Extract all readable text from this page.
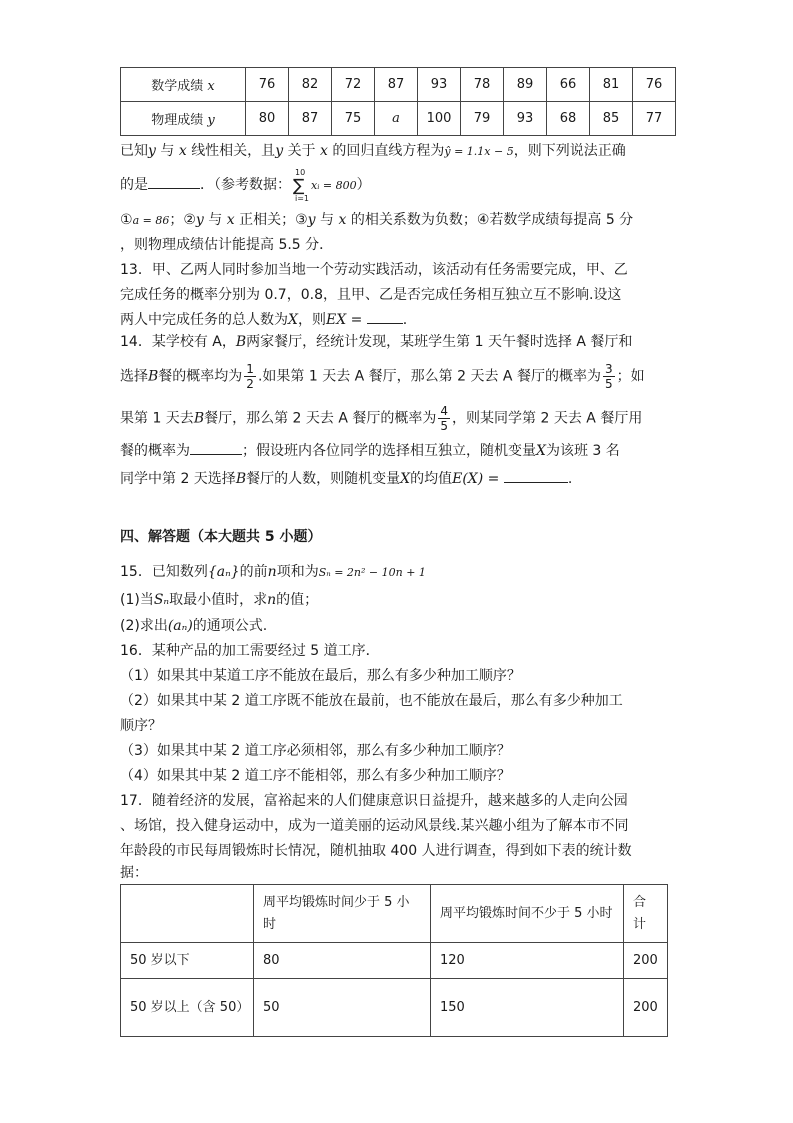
数学成绩 x	76	82	72	87	93	78	89	66	81	76
物理成绩 y	80	87	75	a	100	79	93	68	85	77
已知y 与 x 线性相关，且y 关于 x 的回归直线方程为ŷ = 1.1x − 5，则下列说法正确
的是	．（参考数据：
10
∑
i=1
xᵢ = 800）
①a = 86；②y 与 x 正相关；③y 与 x 的相关系数为负数；④若数学成绩每提高 5 分
，则物理成绩估计能提高 5.5 分．
13．甲、乙两人同时参加当地一个劳动实践活动，该活动有任务需要完成，甲、乙
完成任务的概率分别为 0.7，0.8，且甲、乙是否完成任务相互独立互不影响.设这
两人中完成任务的总人数为X，则EX =	.
14．某学校有 A，B两家餐厅，经统计发现，某班学生第 1 天午餐时选择 A 餐厅和
选择B餐的概率均为 $\frac{1}{2}$ .如果第 1 天去 A 餐厅，那么第 2 天去 A 餐厅的概率为 $\frac{3}{5}$ ；如
果第 1 天去B餐厅，那么第 2 天去 A 餐厅的概率为 $\frac{4}{5}$ ，则某同学第 2 天去 A 餐厅用
餐的概率为	；假设班内各位同学的选择相互独立，随机变量X为该班 3 名
同学中第 2 天选择B餐厅的人数，则随机变量X的均值E(X) =	.
四、解答题（本大题共 5 小题）
15．已知数列{aₙ}的前n项和为Sₙ = 2n² − 10n + 1
(1)当Sₙ取最小值时，求n的值；
(2)求出(aₙ)的通项公式.
16．某种产品的加工需要经过 5 道工序．
（1）如果其中某道工序不能放在最后，那么有多少种加工顺序？
（2）如果其中某 2 道工序既不能放在最前，也不能放在最后，那么有多少种加工
顺序？
（3）如果其中某 2 道工序必须相邻，那么有多少种加工顺序？
（4）如果其中某 2 道工序不能相邻，那么有多少种加工顺序？
17．随着经济的发展，富裕起来的人们健康意识日益提升，越来越多的人走向公园
、场馆，投入健身运动中，成为一道美丽的运动风景线.某兴趣小组为了解本市不同
年龄段的市民每周锻炼时长情况，随机抽取 400 人进行调查，得到如下表的统计数
据：
	周平均锻炼时间少于 5 小时	周平均锻炼时间不少于 5 小时	合计
50 岁以下	80	120	200
50 岁以上（含 50）	50	150	200
